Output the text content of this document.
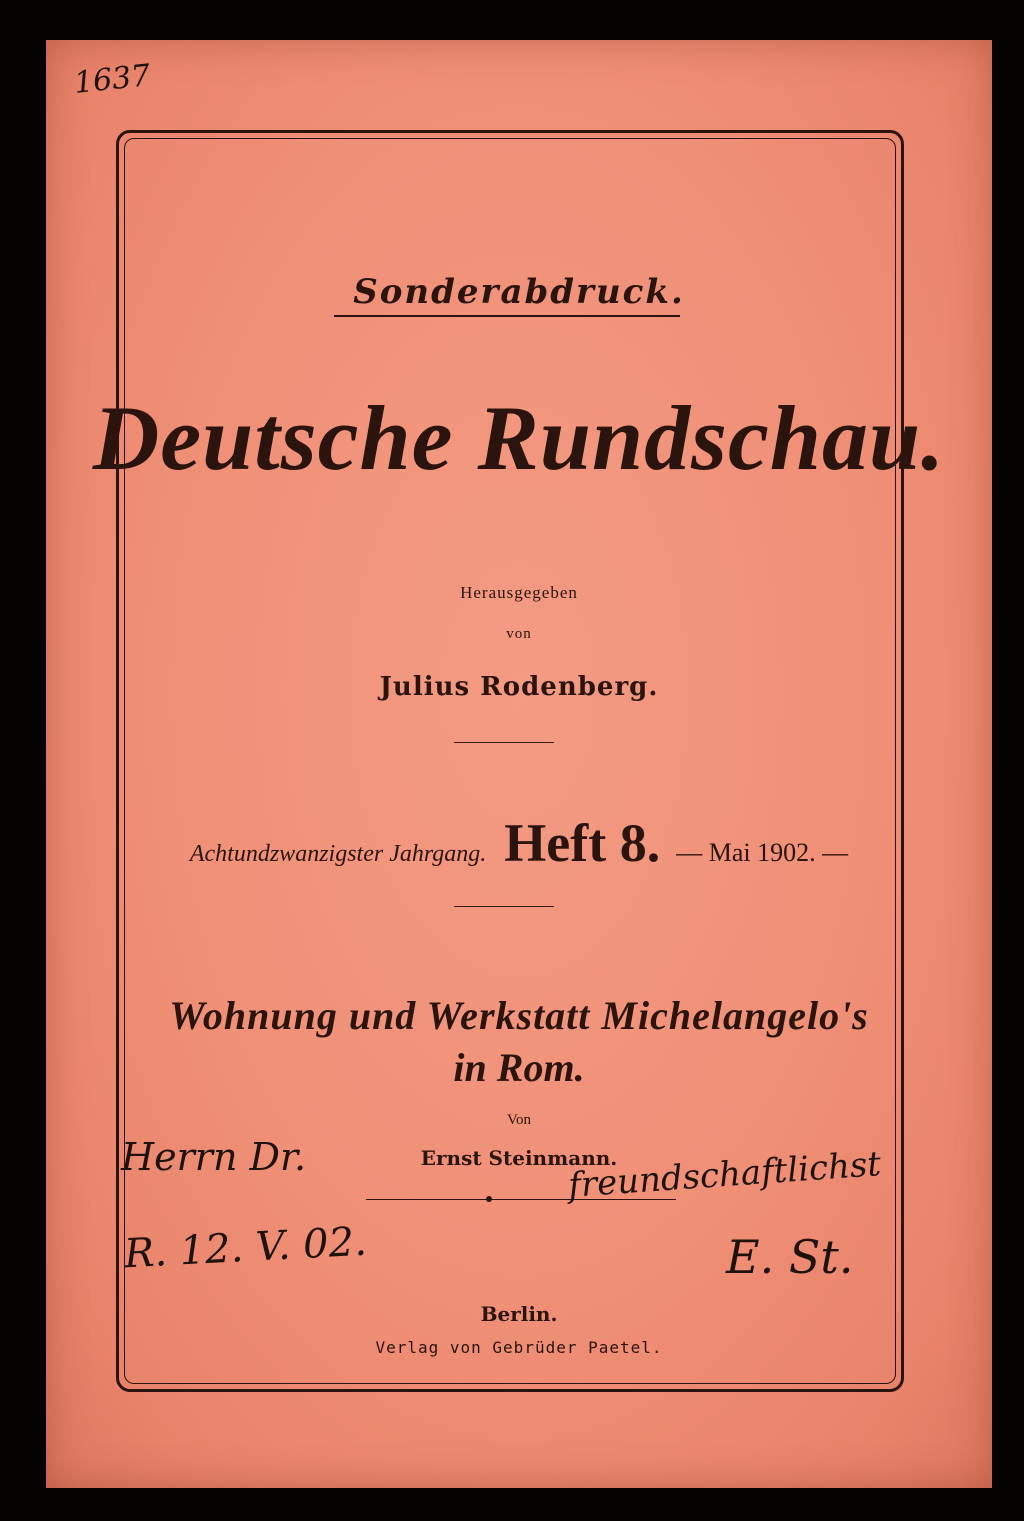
1637
Sonderabdruck.
Deutsche Rundschau.
Herausgegeben
von
Julius Rodenberg.
Achtundzwanzigster Jahrgang. Heft 8. — Mai 1902. —
Wohnung und Werkstatt Michelangelo's
in Rom.
Von
Ernst Steinmann.
Herrn Dr.	freundschaftlichst
R. 12. V. 02.	E. St.
Berlin.
Verlag von Gebrüder Paetel.
